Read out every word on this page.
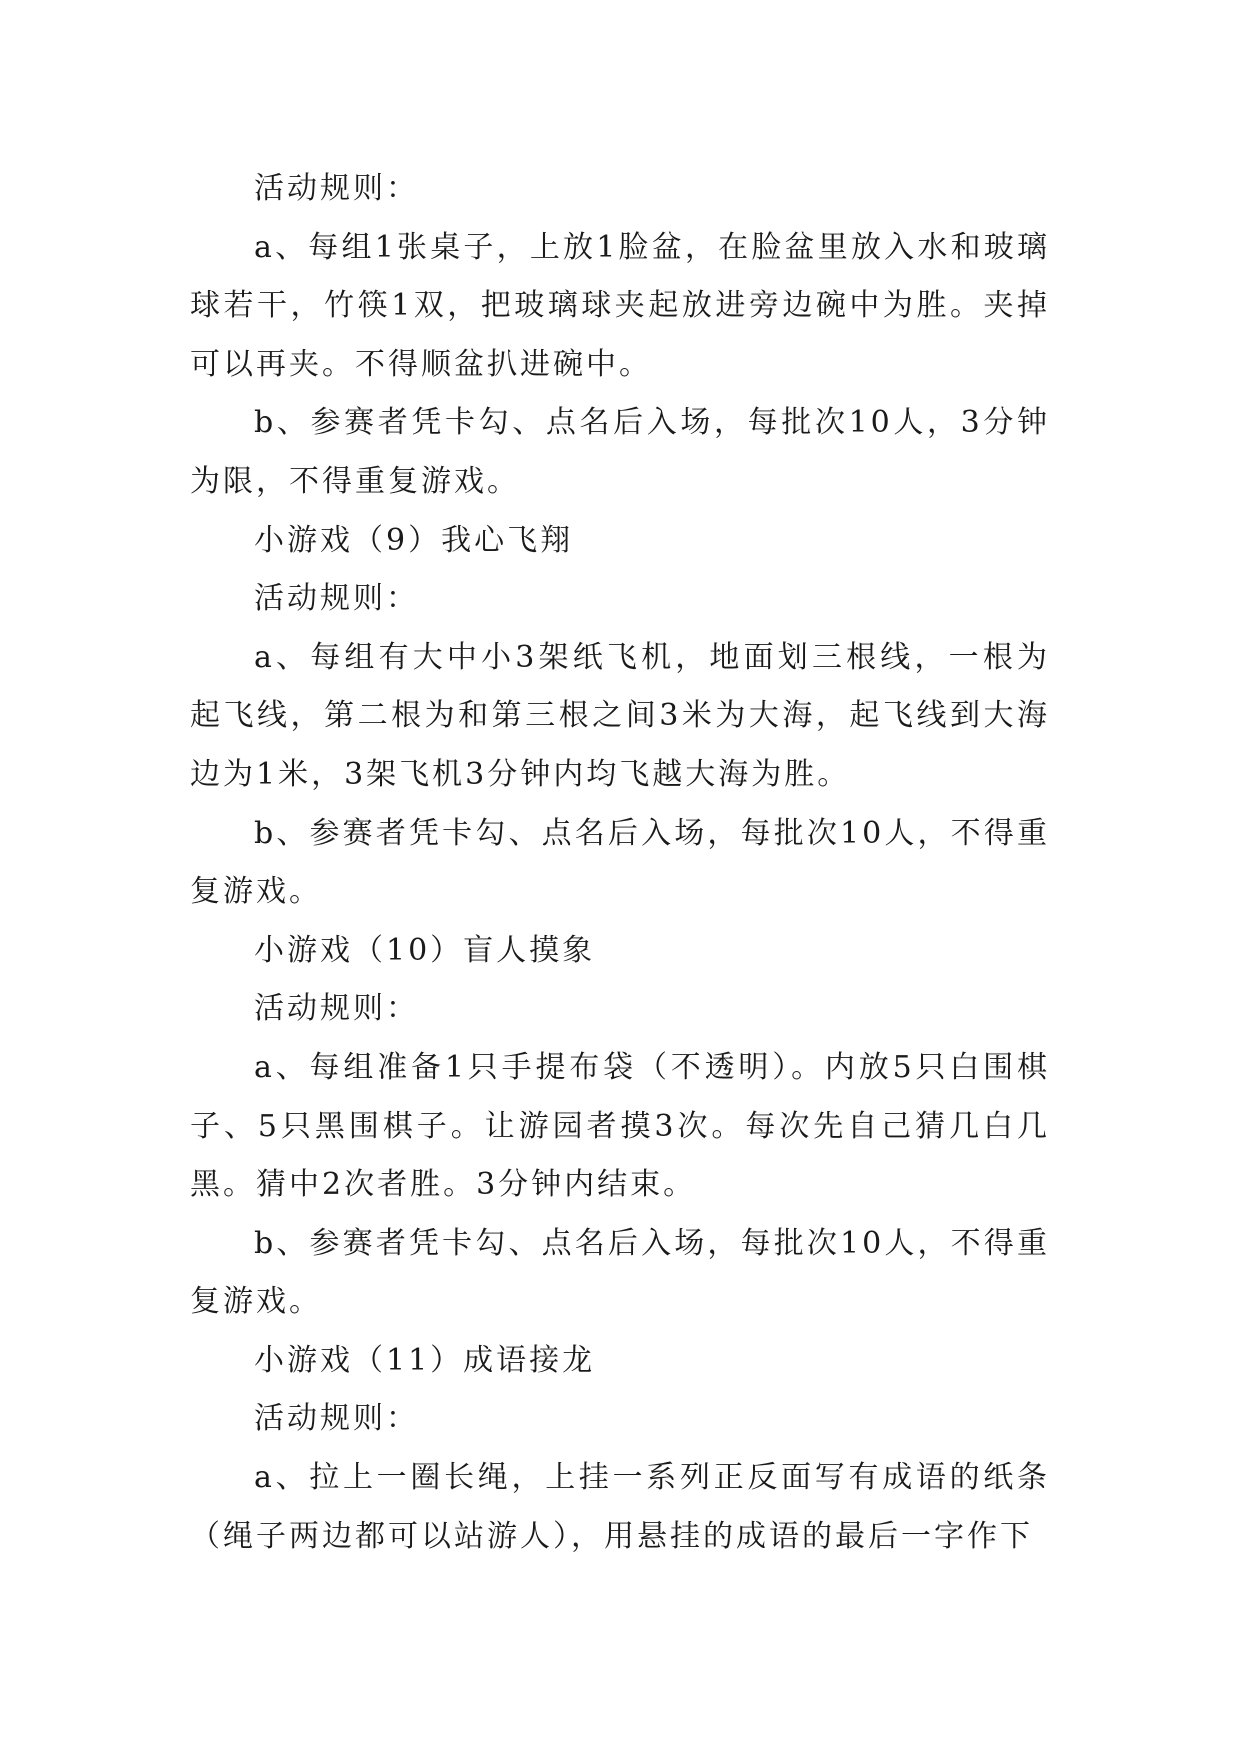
活动规则：

a、每组1张桌子，上放1脸盆，在脸盆里放入水和玻璃球若干，竹筷1双，把玻璃球夹起放进旁边碗中为胜。夹掉可以再夹。不得顺盆扒进碗中。

b、参赛者凭卡勾、点名后入场，每批次10人，3分钟为限，不得重复游戏。

小游戏（9）我心飞翔

活动规则：

a、每组有大中小3架纸飞机，地面划三根线，一根为起飞线，第二根为和第三根之间3米为大海，起飞线到大海边为1米，3架飞机3分钟内均飞越大海为胜。

b、参赛者凭卡勾、点名后入场，每批次10人，不得重复游戏。

小游戏（10）盲人摸象

活动规则：

a、每组准备1只手提布袋（不透明）。内放5只白围棋子、5只黑围棋子。让游园者摸3次。每次先自己猜几白几黑。猜中2次者胜。3分钟内结束。

b、参赛者凭卡勾、点名后入场，每批次10人，不得重复游戏。

小游戏（11）成语接龙

活动规则：

a、拉上一圈长绳，上挂一系列正反面写有成语的纸条（绳子两边都可以站游人），用悬挂的成语的最后一字作下
